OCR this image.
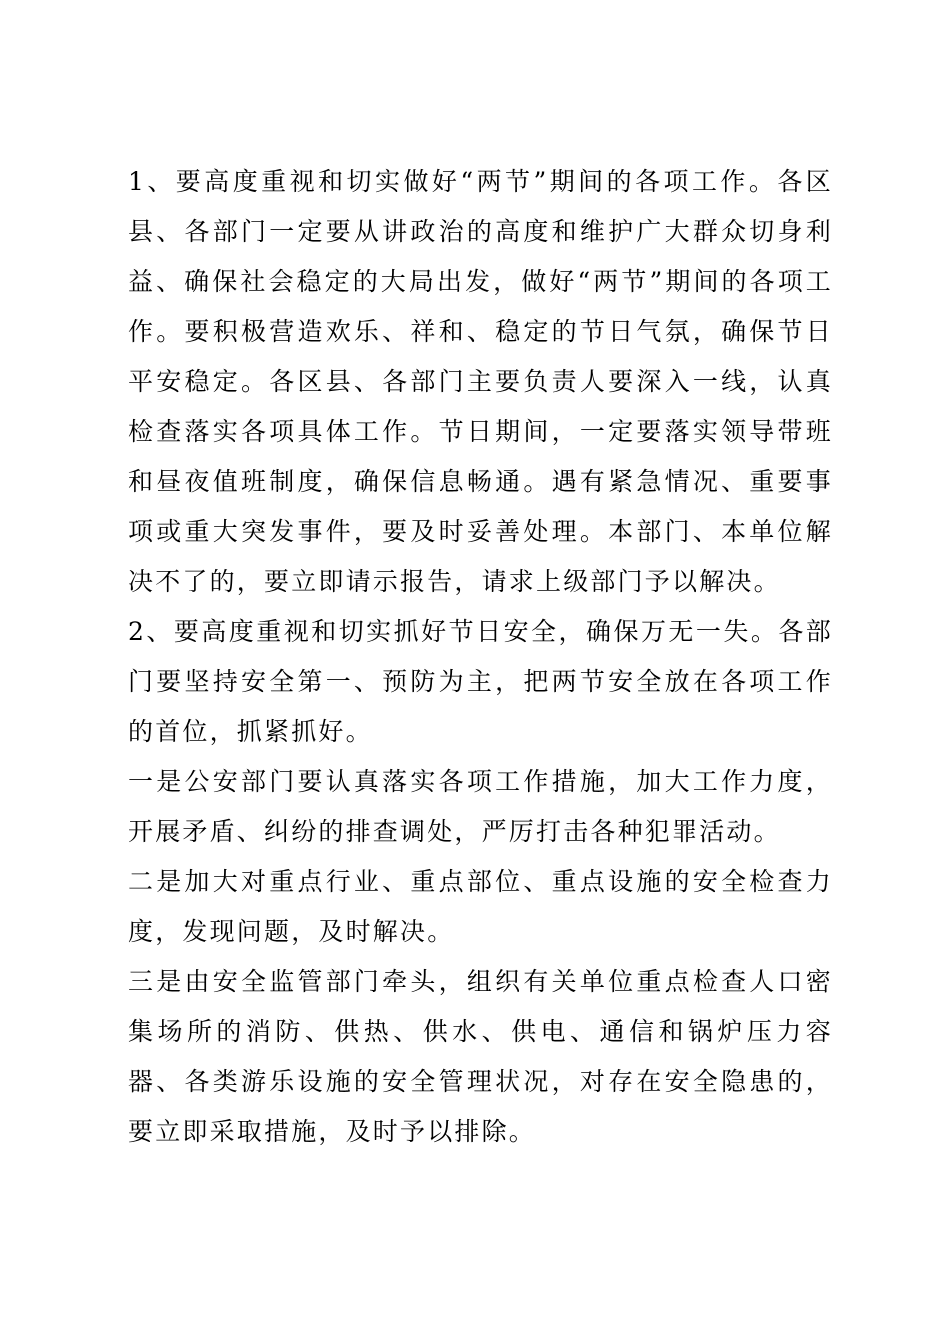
1、要高度重视和切实做好“两节”期间的各项工作。各区县、各部门一定要从讲政治的高度和维护广大群众切身利益、确保社会稳定的大局出发，做好“两节”期间的各项工作。要积极营造欢乐、祥和、稳定的节日气氛，确保节日平安稳定。各区县、各部门主要负责人要深入一线，认真检查落实各项具体工作。节日期间，一定要落实领导带班和昼夜值班制度，确保信息畅通。遇有紧急情况、重要事项或重大突发事件，要及时妥善处理。本部门、本单位解决不了的，要立即请示报告，请求上级部门予以解决。

2、要高度重视和切实抓好节日安全，确保万无一失。各部门要坚持安全第一、预防为主，把两节安全放在各项工作的首位，抓紧抓好。

一是公安部门要认真落实各项工作措施，加大工作力度，开展矛盾、纠纷的排查调处，严厉打击各种犯罪活动。

二是加大对重点行业、重点部位、重点设施的安全检查力度，发现问题，及时解决。

三是由安全监管部门牵头，组织有关单位重点检查人口密集场所的消防、供热、供水、供电、通信和锅炉压力容器、各类游乐设施的安全管理状况，对存在安全隐患的，要立即采取措施，及时予以排除。
